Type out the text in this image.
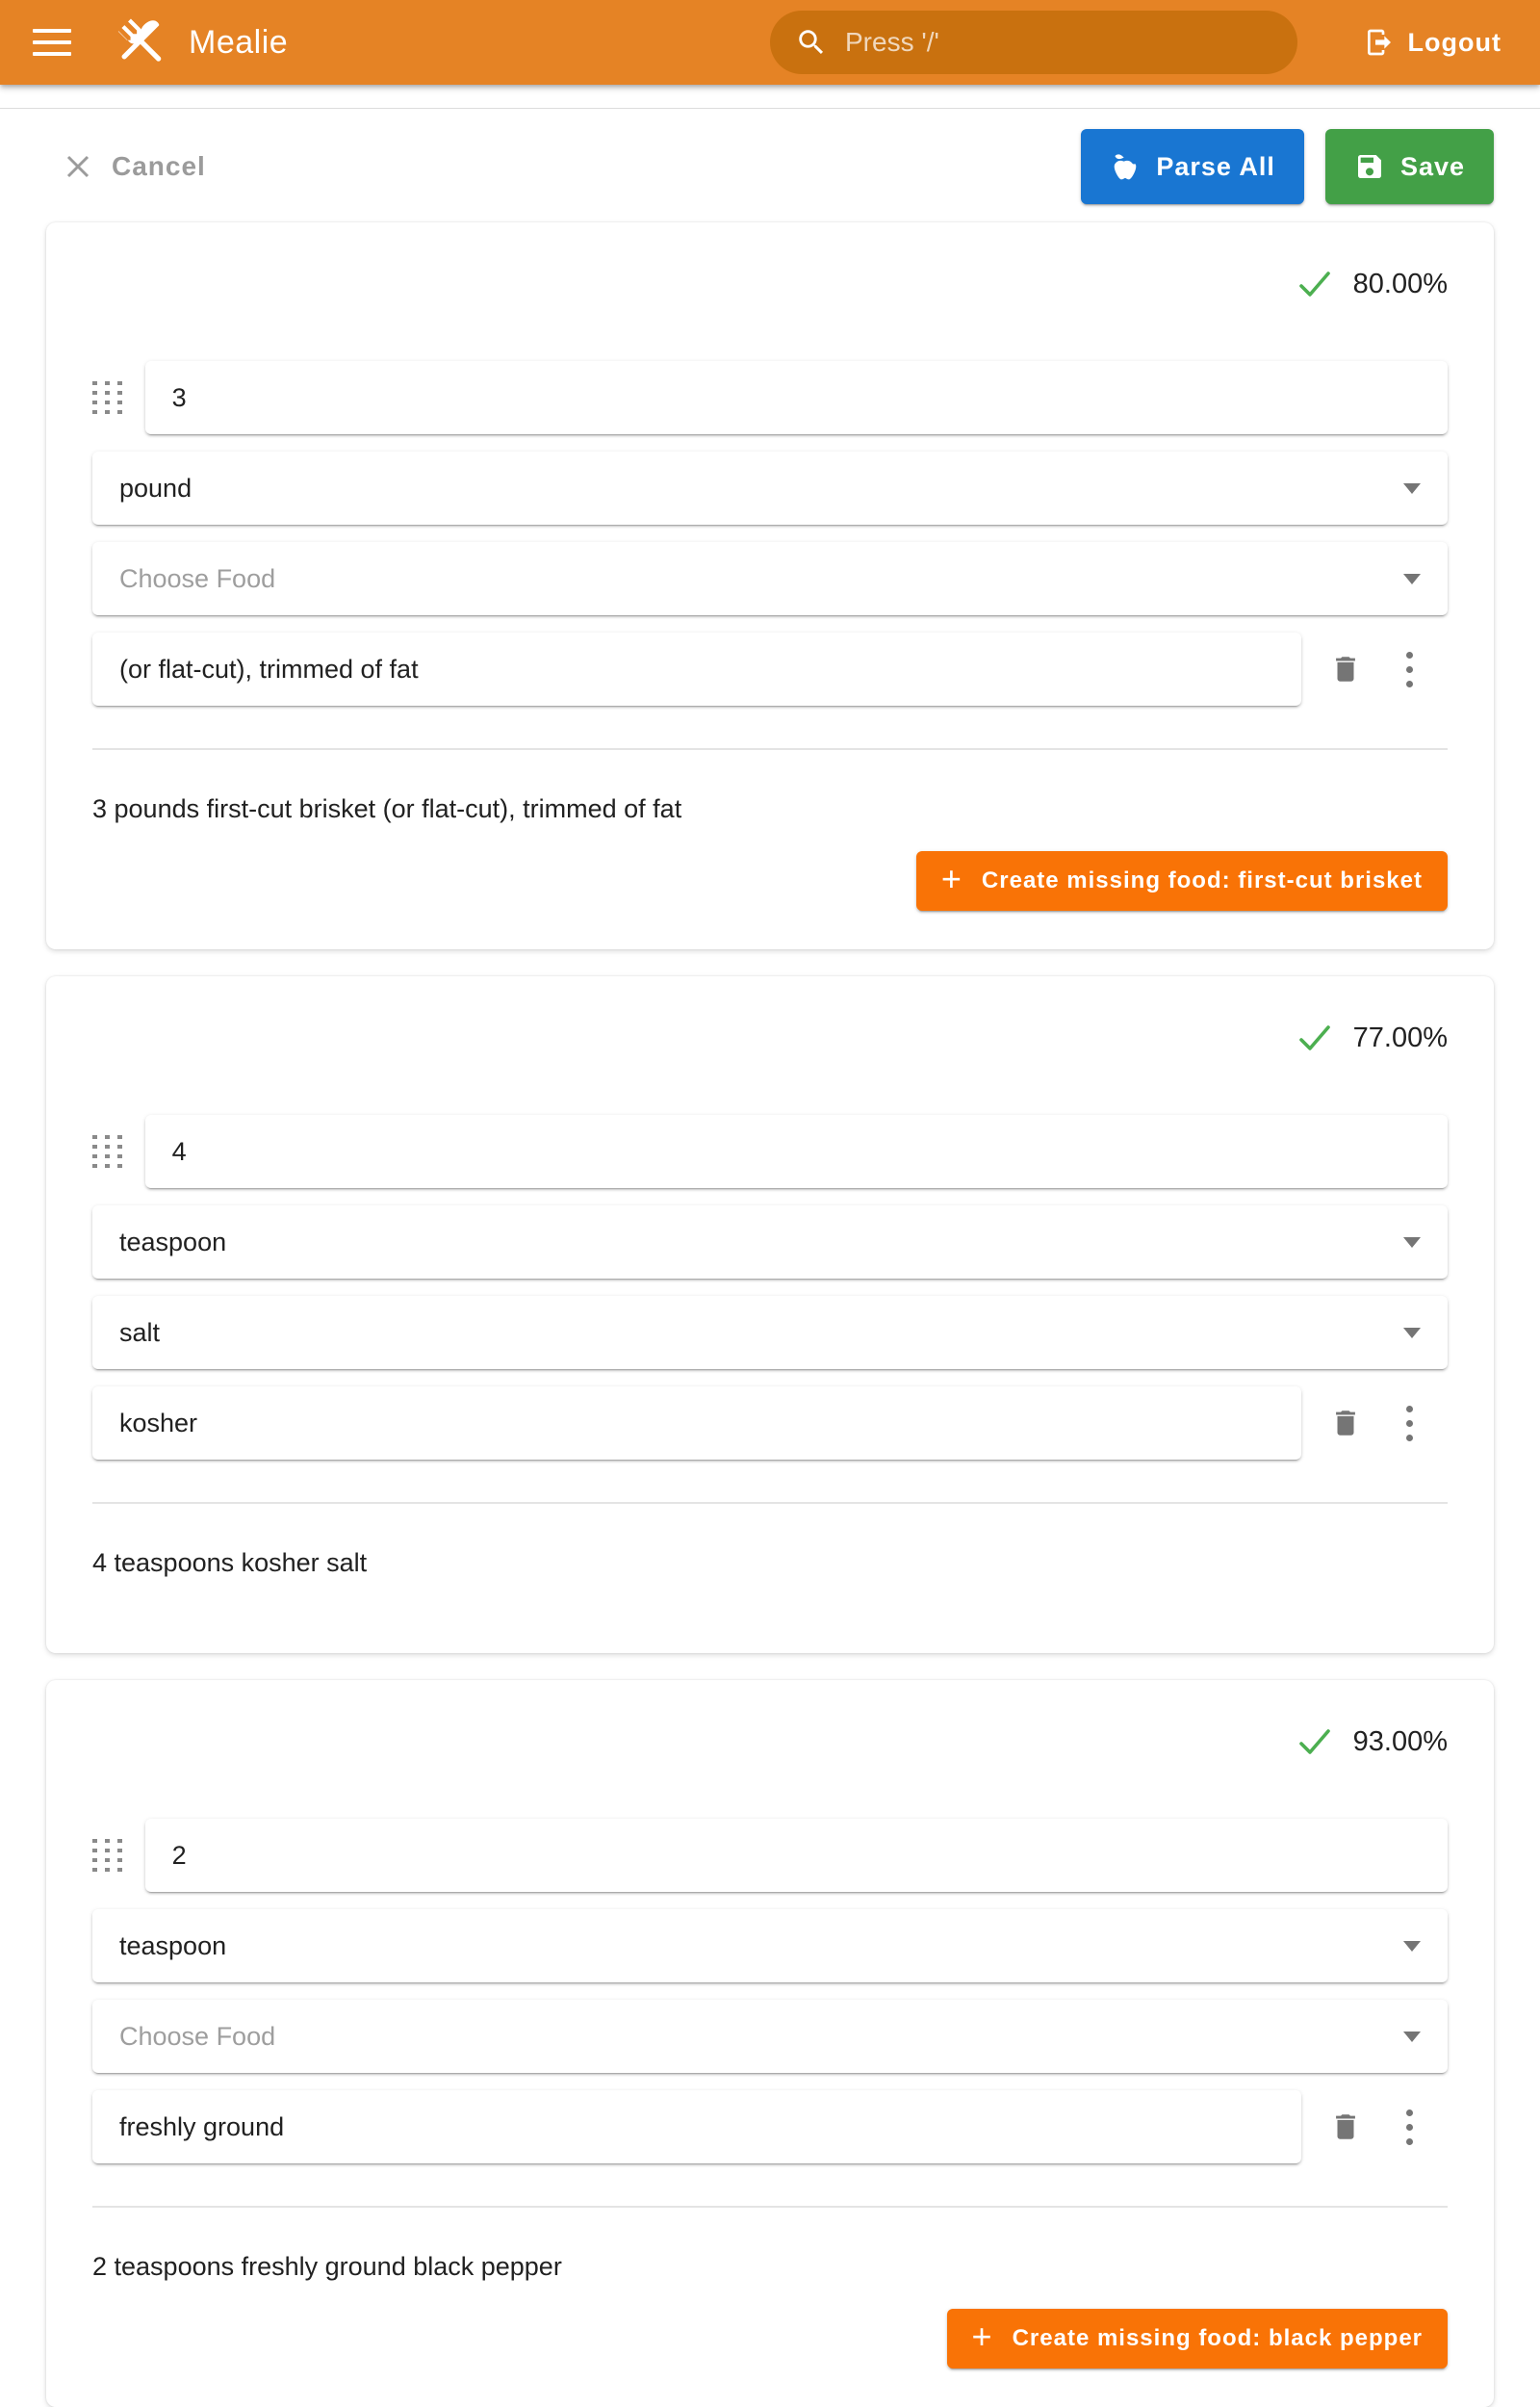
Mealie
Press '/'	Logout
Cancel	Parse All	Save
80.00%
3
pound
Choose Food
(or flat-cut), trimmed of fat

3 pounds first-cut brisket (or flat-cut), trimmed of fat

+ Create missing food: first-cut brisket
77.00%
4
teaspoon
salt
kosher

4 teaspoons kosher salt

93.00%
2
teaspoon
Choose Food
freshly ground

2 teaspoons freshly ground black pepper

+ Create missing food: black pepper
